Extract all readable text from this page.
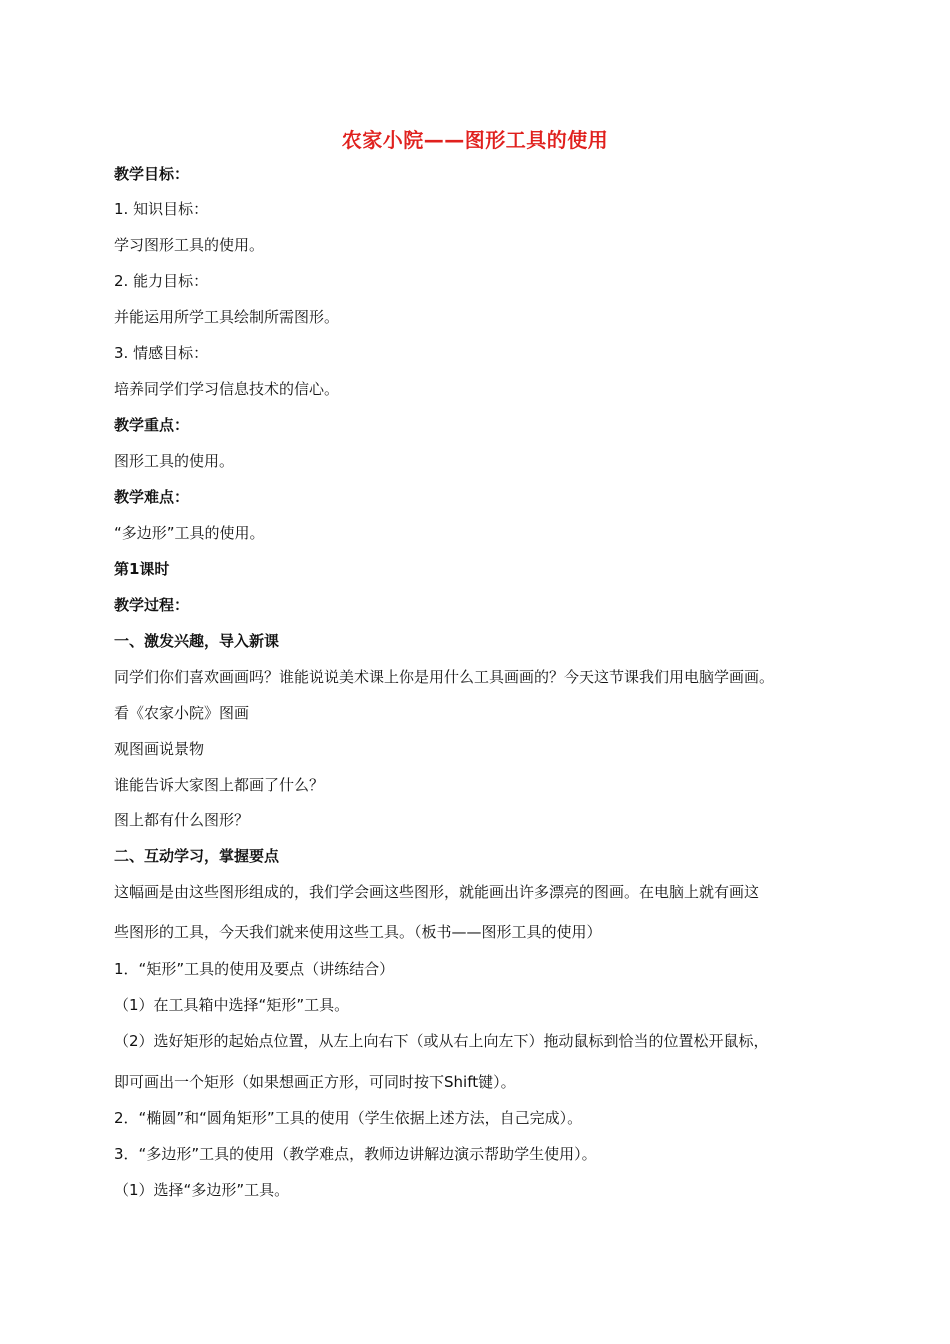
农家小院——图形工具的使用
教学目标：
1. 知识目标：
学习图形工具的使用。
2. 能力目标：
并能运用所学工具绘制所需图形。
3. 情感目标：
培养同学们学习信息技术的信心。
教学重点：
图形工具的使用。
教学难点：
“多边形”工具的使用。
第1课时
教学过程：
一、激发兴趣，导入新课
同学们你们喜欢画画吗？谁能说说美术课上你是用什么工具画画的？今天这节课我们用电脑学画画。
看《农家小院》图画
观图画说景物
谁能告诉大家图上都画了什么？
图上都有什么图形？
二、互动学习，掌握要点
这幅画是由这些图形组成的，我们学会画这些图形，就能画出许多漂亮的图画。在电脑上就有画这
些图形的工具，今天我们就来使用这些工具。（板书——图形工具的使用）
1．“矩形”工具的使用及要点（讲练结合）
（1）在工具箱中选择“矩形”工具。
（2）选好矩形的起始点位置，从左上向右下（或从右上向左下）拖动鼠标到恰当的位置松开鼠标，
即可画出一个矩形（如果想画正方形，可同时按下Shift键）。
2．“椭圆”和“圆角矩形”工具的使用（学生依据上述方法，自己完成）。
3．“多边形”工具的使用（教学难点，教师边讲解边演示帮助学生使用）。
（1）选择“多边形”工具。
